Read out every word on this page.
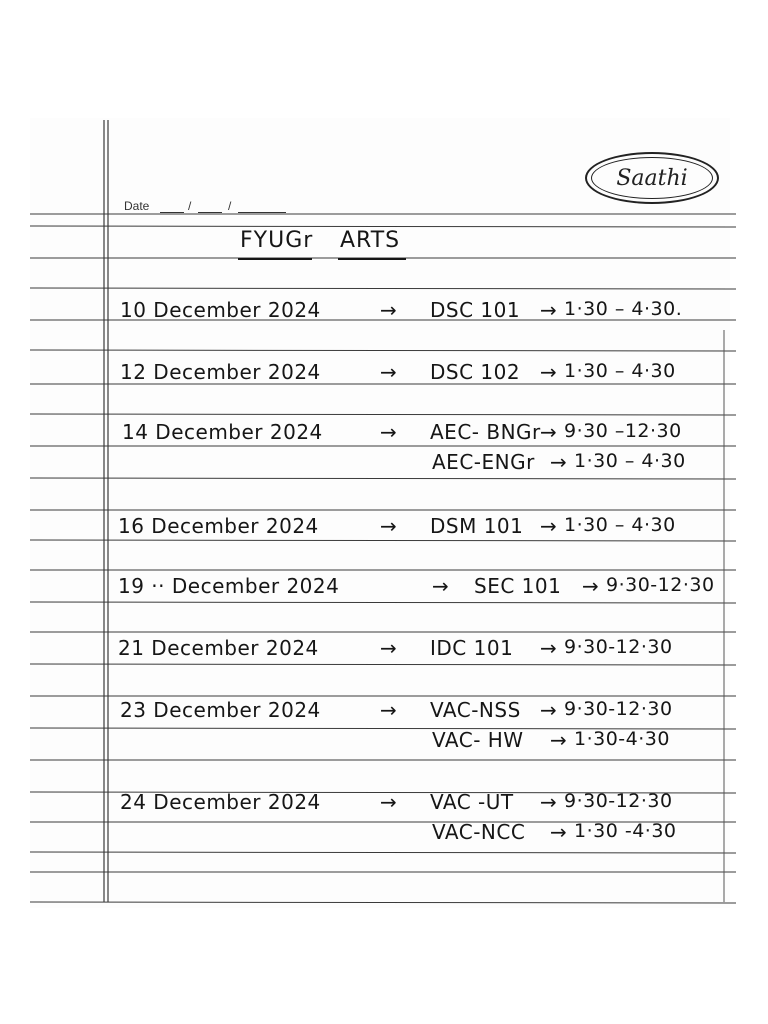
Date	/	/
Saathi
FYUGr ARTS
10 December 2024	→ DSC 101 → 1·30 – 4·30.
12 December 2024	→ DSC 102 → 1·30 – 4·30
14 December 2024	→ AEC- BNGr → 9·30 –12·30
AEC-ENGr → 1·30 – 4·30
16 December 2024	→ DSM 101 → 1·30 – 4·30
19 ·· December 2024	→ SEC 101 → 9·30-12·30
21 December 2024	→ IDC 101 → 9·30-12·30
23 December 2024	→ VAC-NSS → 9·30-12·30
VAC- HW → 1·30-4·30
24 December 2024	→ VAC -UT → 9·30-12·30
VAC-NCC → 1·30 -4·30
